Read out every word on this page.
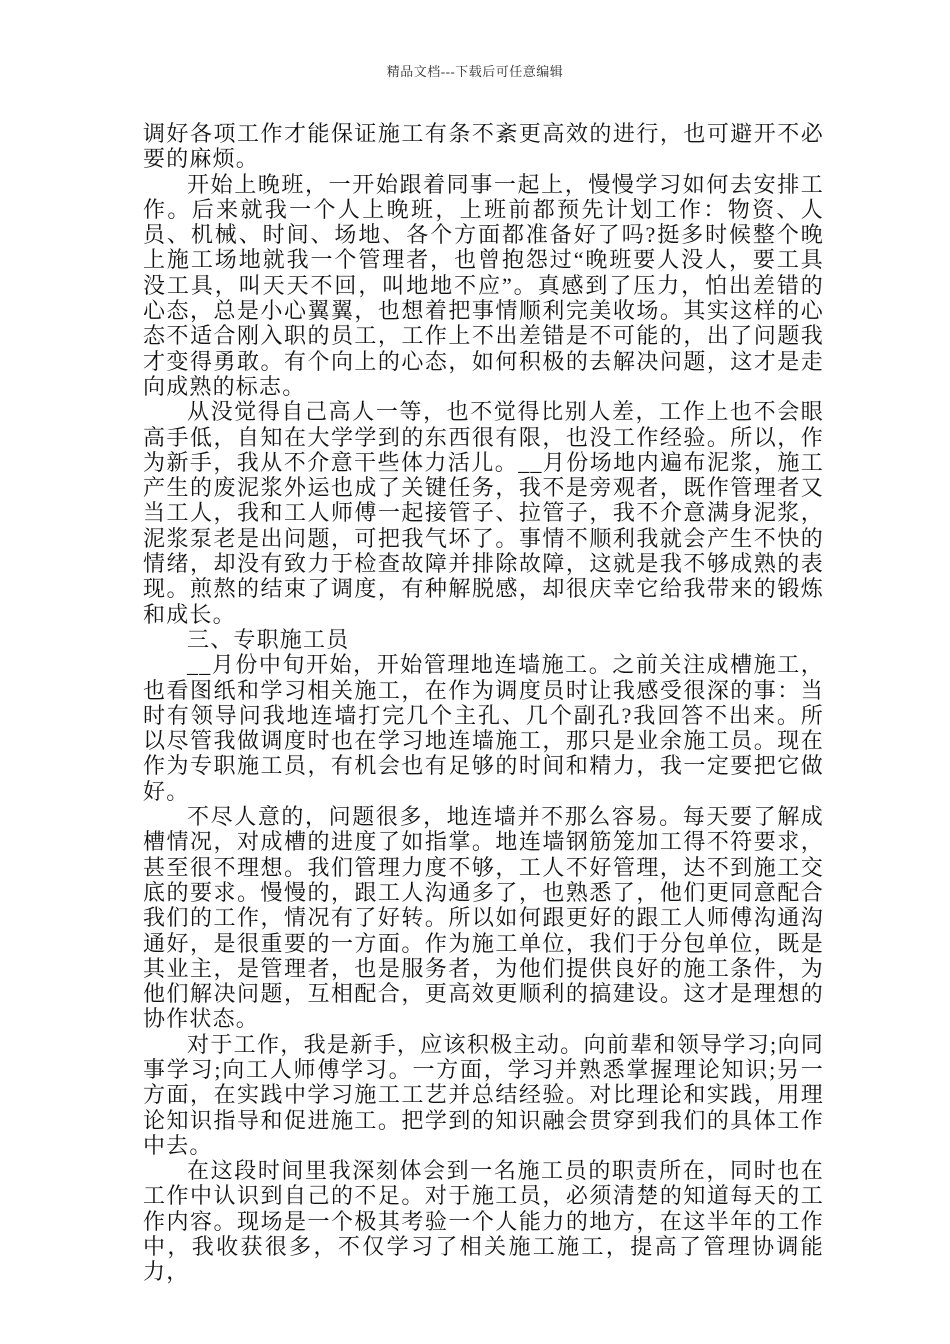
精品文档---下载后可任意编辑

调好各项工作才能保证施工有条不紊更高效的进行，也可避开不必要的麻烦。

开始上晚班，一开始跟着同事一起上，慢慢学习如何去安排工作。后来就我一个人上晚班，上班前都预先计划工作：物资、人员、机械、时间、场地、各个方面都准备好了吗?挺多时候整个晚上施工场地就我一个管理者，也曾抱怨过“晚班要人没人，要工具没工具，叫天天不回，叫地地不应”。真感到了压力，怕出差错的心态，总是小心翼翼，也想着把事情顺利完美收场。其实这样的心态不适合刚入职的员工，工作上不出差错是不可能的，出了问题我才变得勇敢。有个向上的心态，如何积极的去解决问题，这才是走向成熟的标志。

从没觉得自己高人一等，也不觉得比别人差，工作上也不会眼高手低，自知在大学学到的东西很有限，也没工作经验。所以，作为新手，我从不介意干些体力活儿。__月份场地内遍布泥浆，施工产生的废泥浆外运也成了关键任务，我不是旁观者，既作管理者又当工人，我和工人师傅一起接管子、拉管子，我不介意满身泥浆，泥浆泵老是出问题，可把我气坏了。事情不顺利我就会产生不快的情绪，却没有致力于检查故障并排除故障，这就是我不够成熟的表现。煎熬的结束了调度，有种解脱感，却很庆幸它给我带来的锻炼和成长。

三、专职施工员

__月份中旬开始，开始管理地连墙施工。之前关注成槽施工，也看图纸和学习相关施工，在作为调度员时让我感受很深的事：当时有领导问我地连墙打完几个主孔、几个副孔?我回答不出来。所以尽管我做调度时也在学习地连墙施工，那只是业余施工员。现在作为专职施工员，有机会也有足够的时间和精力，我一定要把它做好。

不尽人意的，问题很多，地连墙并不那么容易。每天要了解成槽情况，对成槽的进度了如指掌。地连墙钢筋笼加工得不符要求，甚至很不理想。我们管理力度不够，工人不好管理，达不到施工交底的要求。慢慢的，跟工人沟通多了，也熟悉了，他们更同意配合我们的工作，情况有了好转。所以如何跟更好的跟工人师傅沟通沟通好，是很重要的一方面。作为施工单位，我们于分包单位，既是其业主，是管理者，也是服务者，为他们提供良好的施工条件，为他们解决问题，互相配合，更高效更顺利的搞建设。这才是理想的协作状态。

对于工作，我是新手，应该积极主动。向前辈和领导学习;向同事学习;向工人师傅学习。一方面，学习并熟悉掌握理论知识;另一方面，在实践中学习施工工艺并总结经验。对比理论和实践，用理论知识指导和促进施工。把学到的知识融会贯穿到我们的具体工作中去。

在这段时间里我深刻体会到一名施工员的职责所在，同时也在工作中认识到自己的不足。对于施工员，必须清楚的知道每天的工作内容。现场是一个极其考验一个人能力的地方，在这半年的工作中，我收获很多，不仅学习了相关施工施工，提高了管理协调能力，
